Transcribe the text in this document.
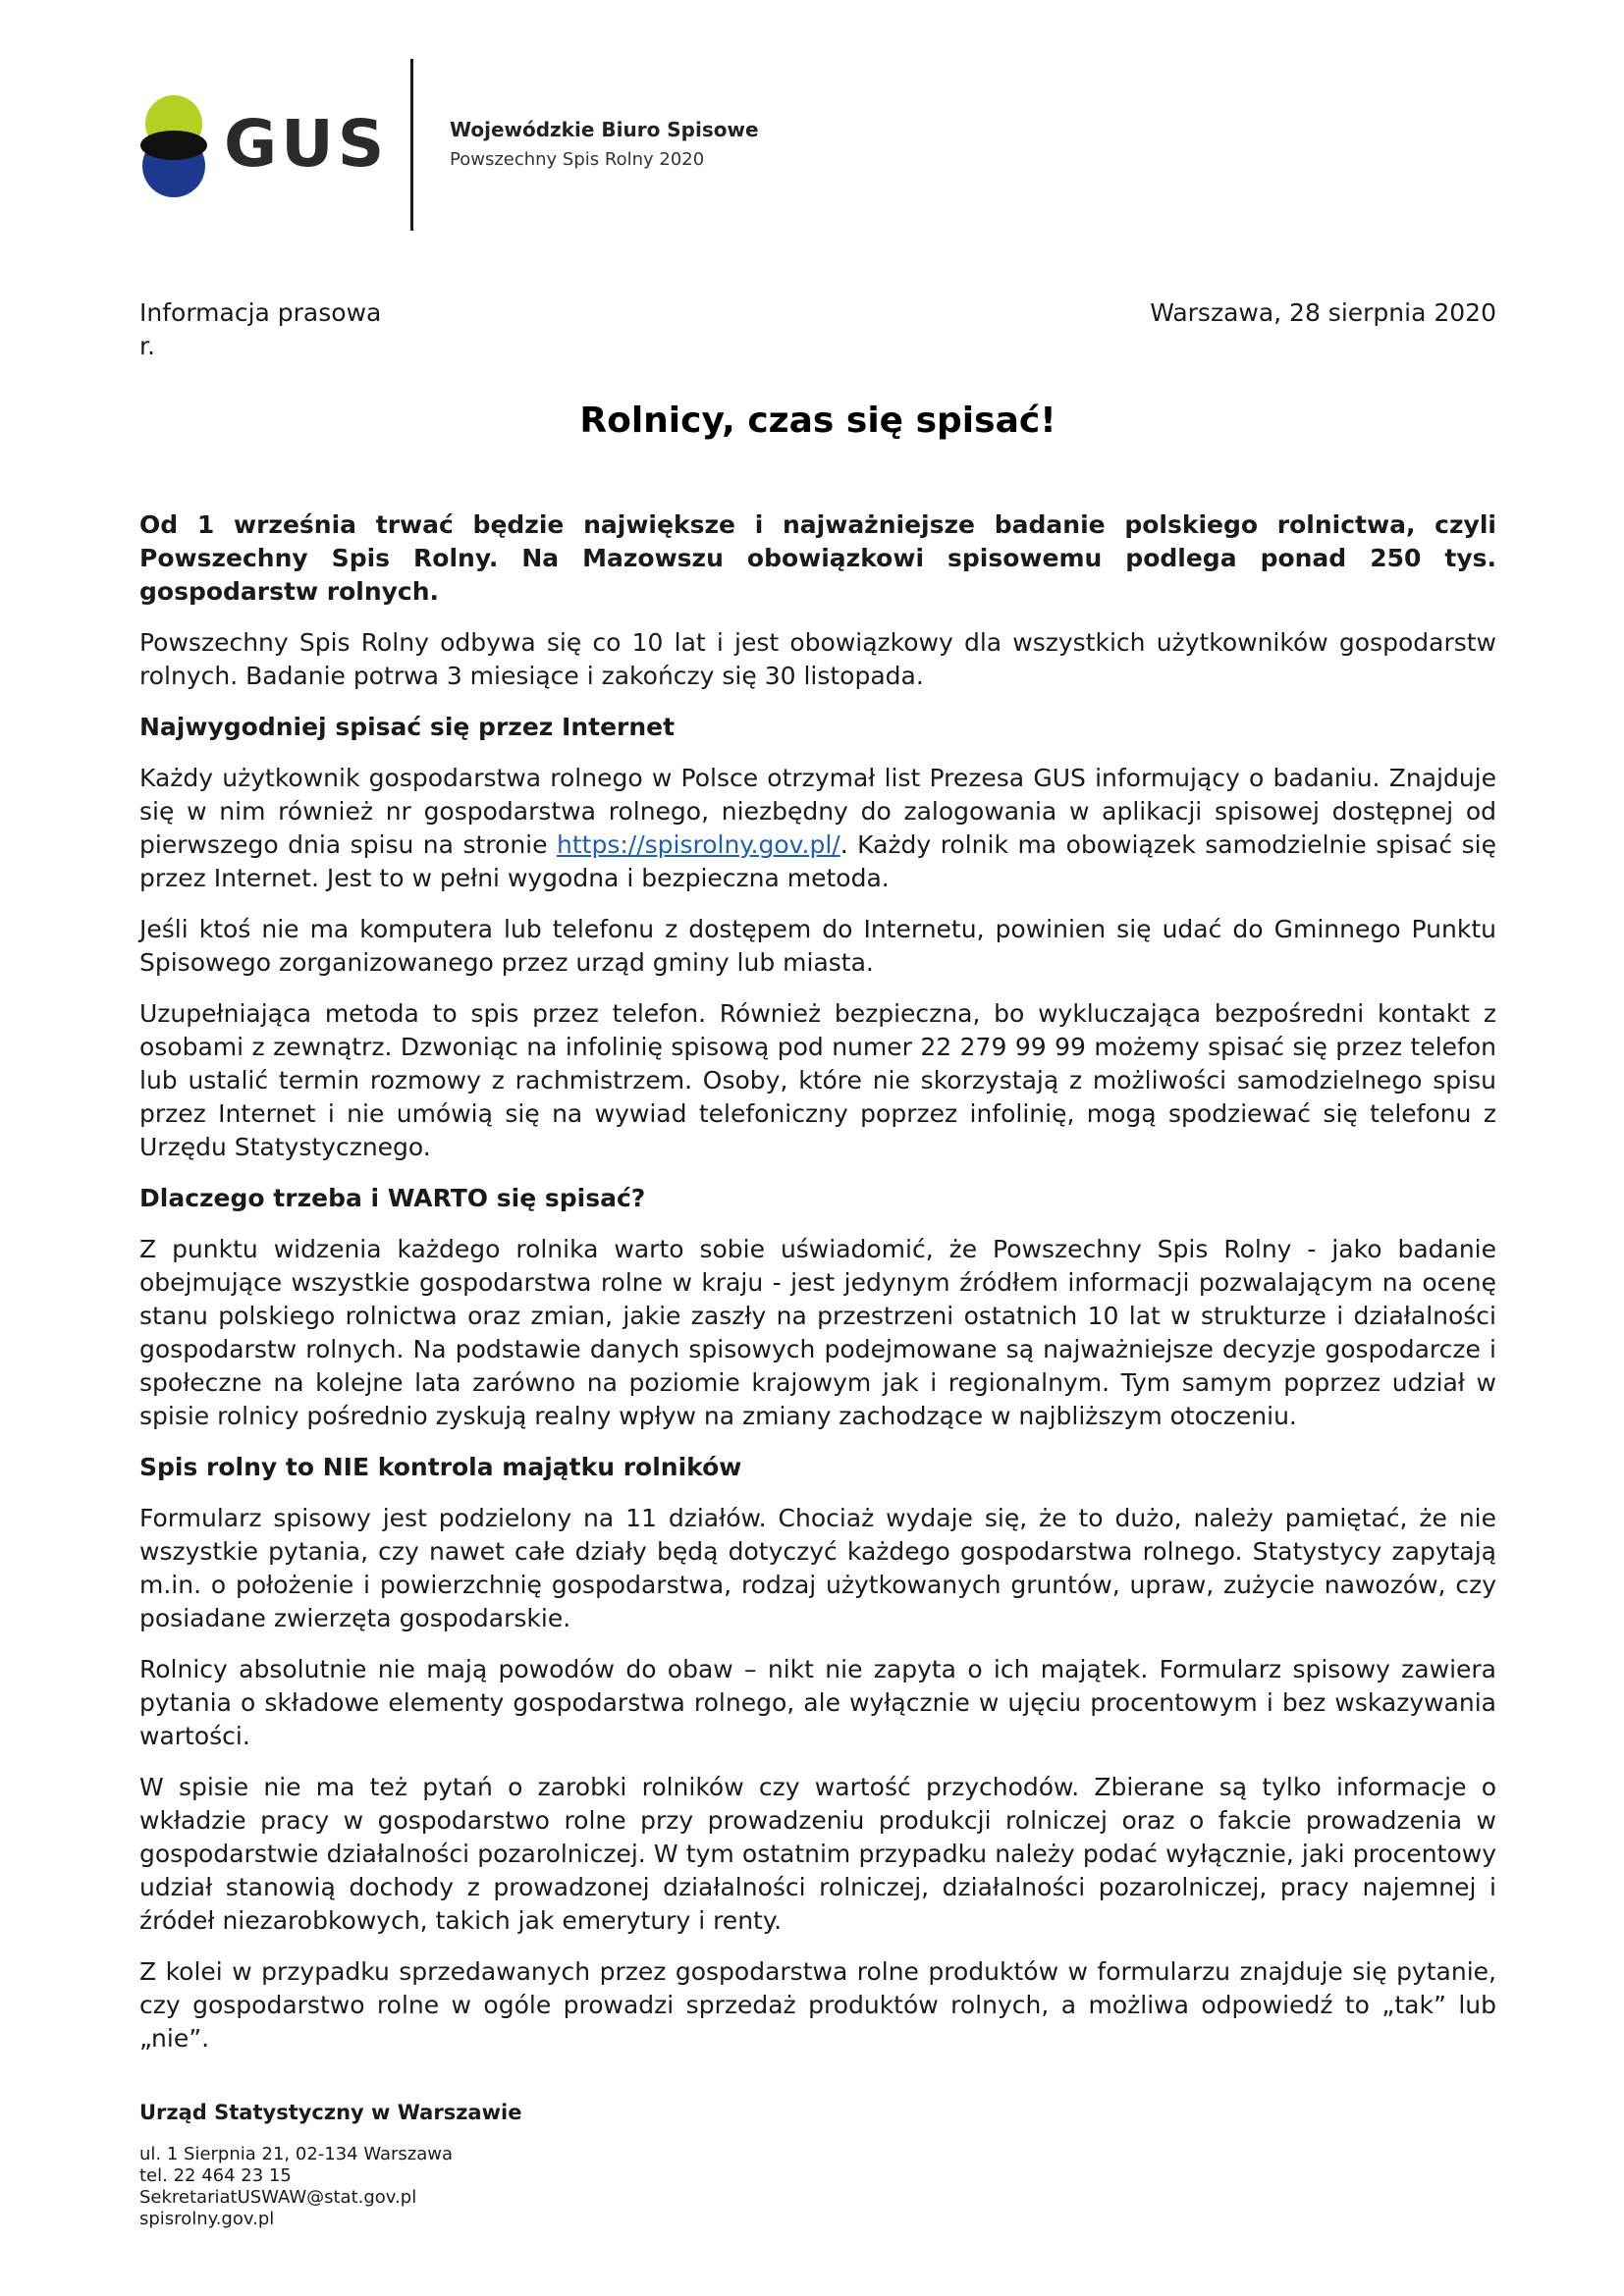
GUS	Wojewódzkie Biuro Spisowe
Powszechny Spis Rolny 2020
Informacja prasowa
r.
Warszawa, 28 sierpnia 2020
Rolnicy, czas się spisać!

Od 1 września trwać będzie największe i najważniejsze badanie polskiego rolnictwa, czyli Powszechny Spis Rolny. Na Mazowszu obowiązkowi spisowemu podlega ponad 250 tys. gospodarstw rolnych.

Powszechny Spis Rolny odbywa się co 10 lat i jest obowiązkowy dla wszystkich użytkowników gospodarstw rolnych. Badanie potrwa 3 miesiące i zakończy się 30 listopada.

Najwygodniej spisać się przez Internet

Każdy użytkownik gospodarstwa rolnego w Polsce otrzymał list Prezesa GUS informujący o badaniu. Znajduje się w nim również nr gospodarstwa rolnego, niezbędny do zalogowania w aplikacji spisowej dostępnej od pierwszego dnia spisu na stronie https://spisrolny.gov.pl/. Każdy rolnik ma obowiązek samodzielnie spisać się przez Internet. Jest to w pełni wygodna i bezpieczna metoda.

Jeśli ktoś nie ma komputera lub telefonu z dostępem do Internetu, powinien się udać do Gminnego Punktu Spisowego zorganizowanego przez urząd gminy lub miasta.

Uzupełniająca metoda to spis przez telefon. Również bezpieczna, bo wykluczająca bezpośredni kontakt z osobami z zewnątrz. Dzwoniąc na infolinię spisową pod numer 22 279 99 99 możemy spisać się przez telefon lub ustalić termin rozmowy z rachmistrzem. Osoby, które nie skorzystają z możliwości samodzielnego spisu przez Internet i nie umówią się na wywiad telefoniczny poprzez infolinię, mogą spodziewać się telefonu z Urzędu Statystycznego.

Dlaczego trzeba i WARTO się spisać?

Z punktu widzenia każdego rolnika warto sobie uświadomić, że Powszechny Spis Rolny - jako badanie obejmujące wszystkie gospodarstwa rolne w kraju - jest jedynym źródłem informacji pozwalającym na ocenę stanu polskiego rolnictwa oraz zmian, jakie zaszły na przestrzeni ostatnich 10 lat w strukturze i działalności gospodarstw rolnych. Na podstawie danych spisowych podejmowane są najważniejsze decyzje gospodarcze i społeczne na kolejne lata zarówno na poziomie krajowym jak i regionalnym. Tym samym poprzez udział w spisie rolnicy pośrednio zyskują realny wpływ na zmiany zachodzące w najbliższym otoczeniu.

Spis rolny to NIE kontrola majątku rolników

Formularz spisowy jest podzielony na 11 działów. Chociaż wydaje się, że to dużo, należy pamiętać, że nie wszystkie pytania, czy nawet całe działy będą dotyczyć każdego gospodarstwa rolnego. Statystycy zapytają m.in. o położenie i powierzchnię gospodarstwa, rodzaj użytkowanych gruntów, upraw, zużycie nawozów, czy posiadane zwierzęta gospodarskie.

Rolnicy absolutnie nie mają powodów do obaw – nikt nie zapyta o ich majątek. Formularz spisowy zawiera pytania o składowe elementy gospodarstwa rolnego, ale wyłącznie w ujęciu procentowym i bez wskazywania wartości.

W spisie nie ma też pytań o zarobki rolników czy wartość przychodów. Zbierane są tylko informacje o wkładzie pracy w gospodarstwo rolne przy prowadzeniu produkcji rolniczej oraz o fakcie prowadzenia w gospodarstwie działalności pozarolniczej. W tym ostatnim przypadku należy podać wyłącznie, jaki procentowy udział stanowią dochody z prowadzonej działalności rolniczej, działalności pozarolniczej, pracy najemnej i źródeł niezarobkowych, takich jak emerytury i renty.

Z kolei w przypadku sprzedawanych przez gospodarstwa rolne produktów w formularzu znajduje się pytanie, czy gospodarstwo rolne w ogóle prowadzi sprzedaż produktów rolnych, a możliwa odpowiedź to „tak” lub „nie”.

Urząd Statystyczny w Warszawie
ul. 1 Sierpnia 21, 02-134 Warszawa
tel. 22 464 23 15
SekretariatUSWAW@stat.gov.pl
spisrolny.gov.pl
